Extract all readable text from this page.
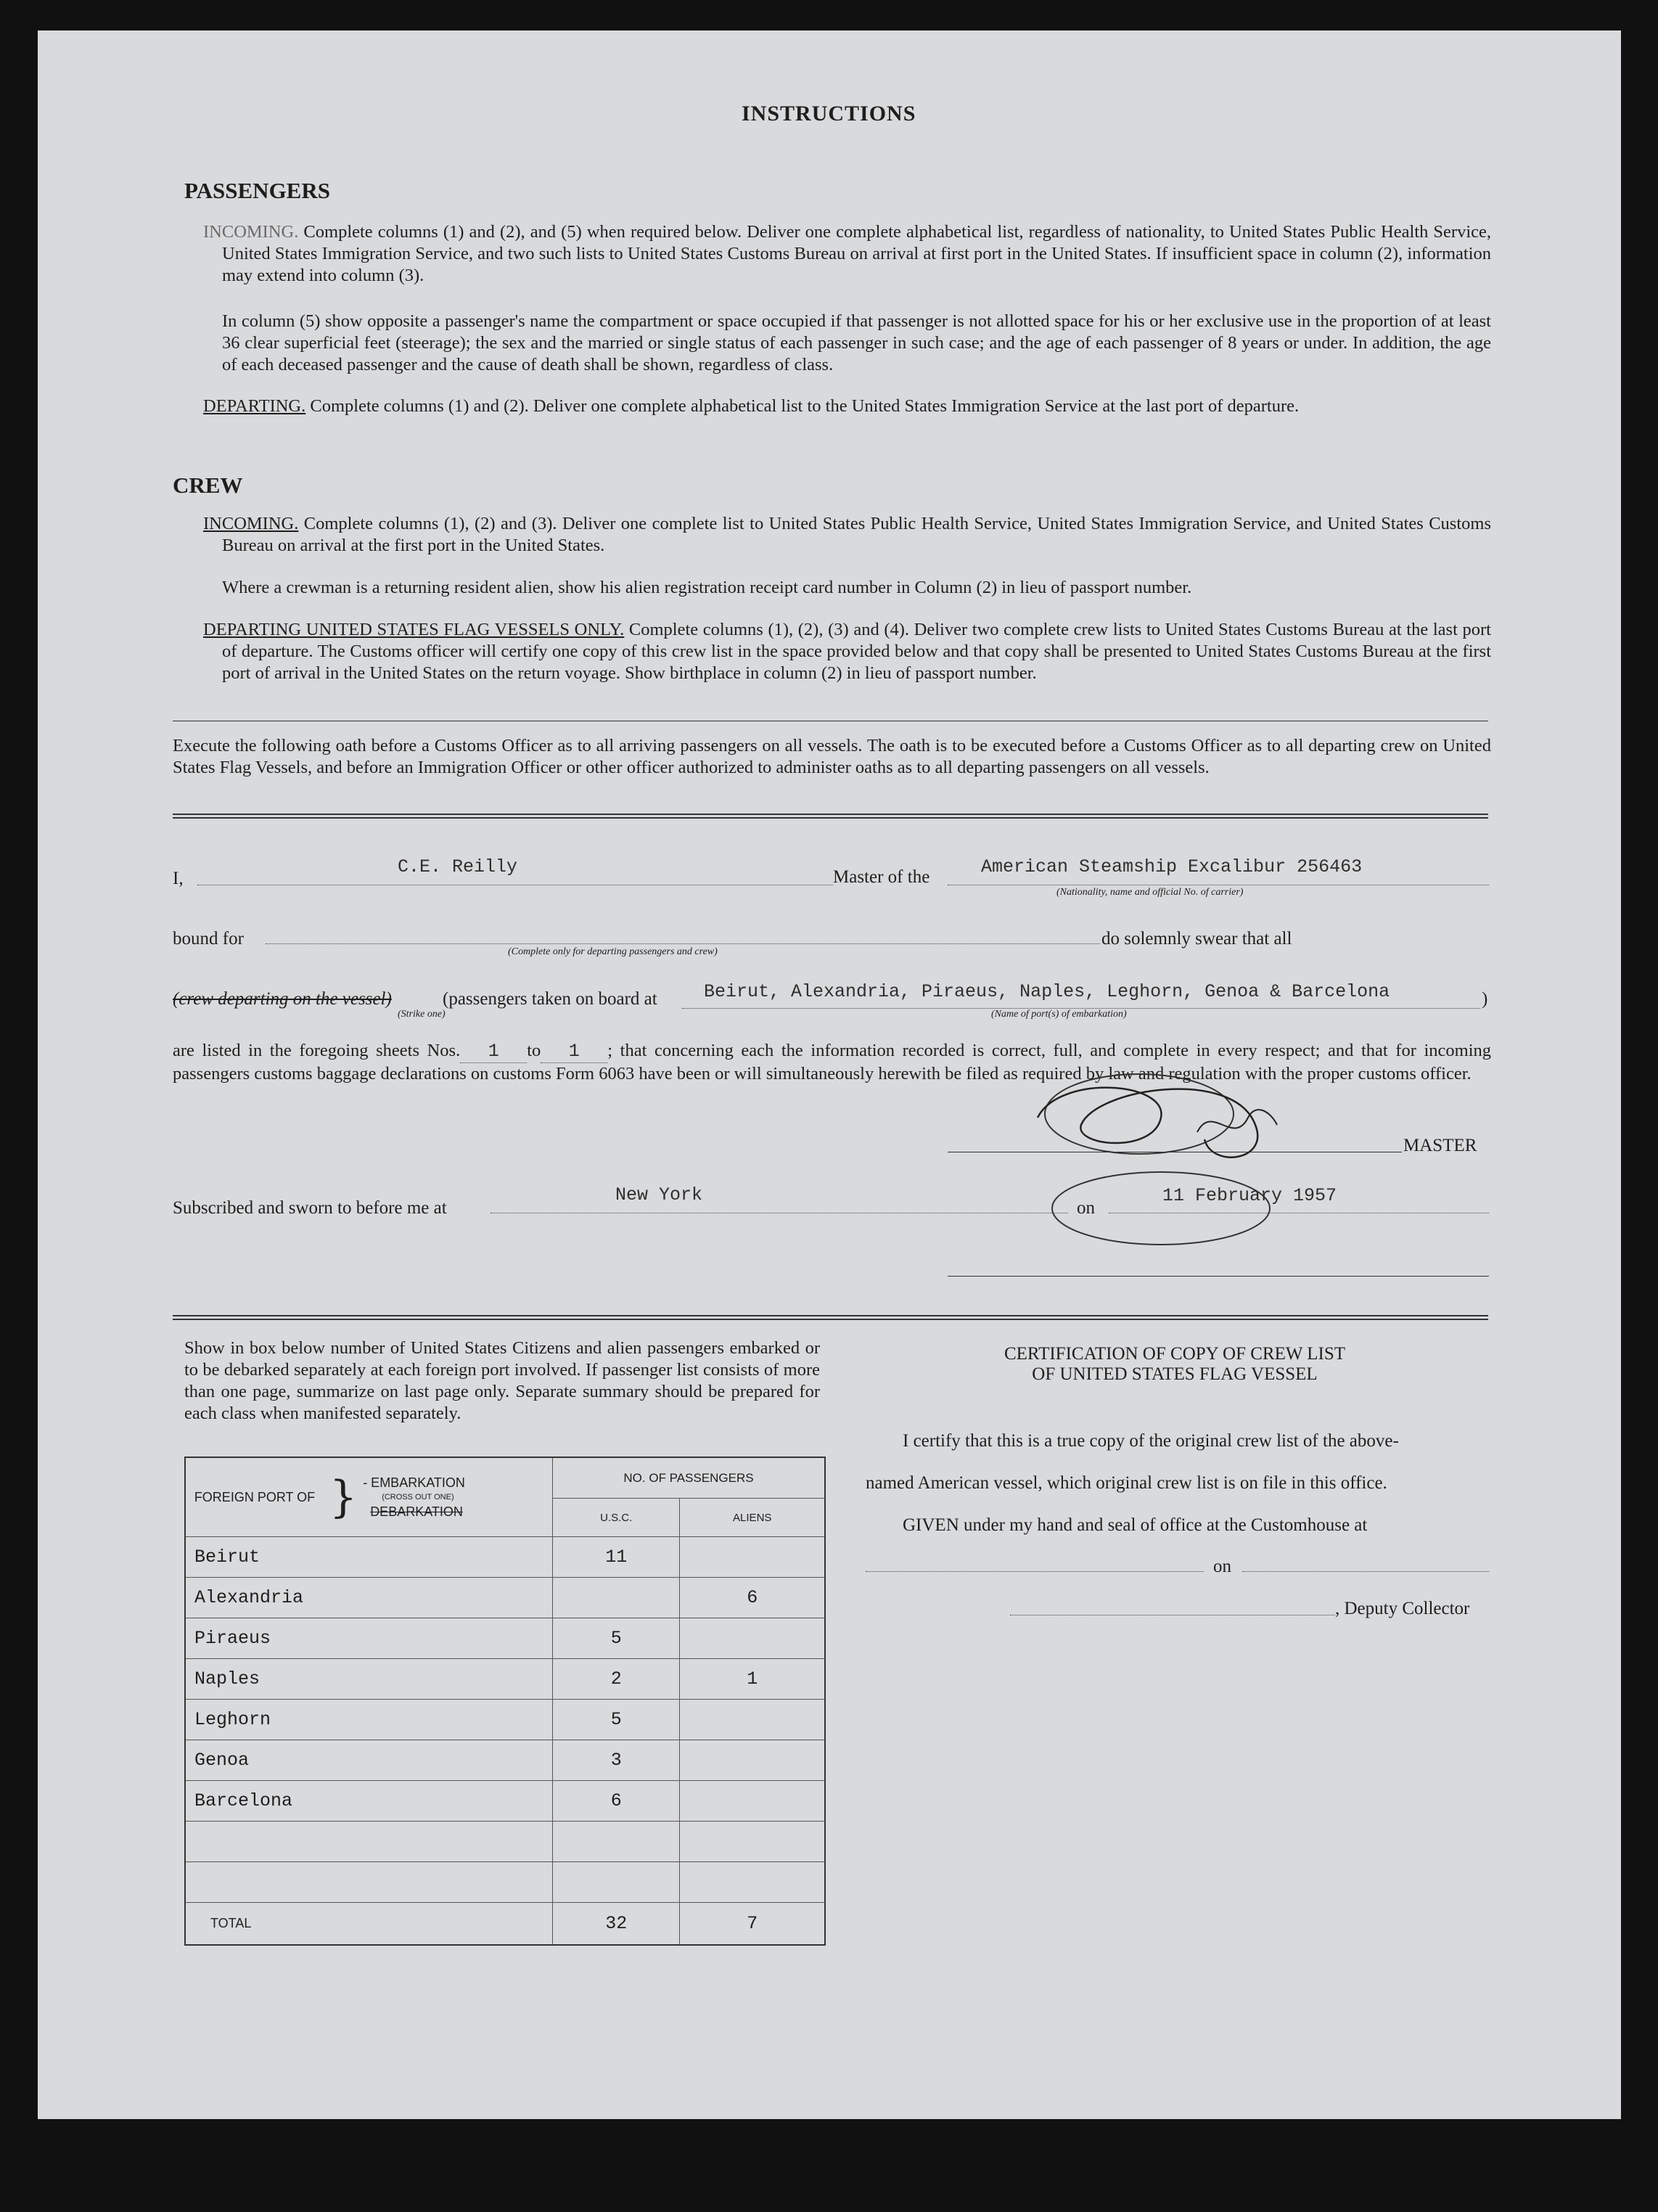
INSTRUCTIONS
PASSENGERS

INCOMING. Complete columns (1) and (2), and (5) when required below. Deliver one complete alphabetical list, regardless of nationality, to United States Public Health Service, United States Immigration Service, and two such lists to United States Customs Bureau on arrival at first port in the United States. If insufficient space in column (2), information may extend into column (3).

In column (5) show opposite a passenger's name the compartment or space occupied if that passenger is not allotted space for his or her exclusive use in the proportion of at least 36 clear superficial feet (steerage); the sex and the married or single status of each passenger in such case; and the age of each passenger of 8 years or under. In addition, the age of each deceased passenger and the cause of death shall be shown, regardless of class.

DEPARTING. Complete columns (1) and (2). Deliver one complete alphabetical list to the United States Immigration Service at the last port of departure.

CREW

INCOMING. Complete columns (1), (2) and (3). Deliver one complete list to United States Public Health Service, United States Immigration Service, and United States Customs Bureau on arrival at the first port in the United States.

Where a crewman is a returning resident alien, show his alien registration receipt card number in Column (2) in lieu of passport number.

DEPARTING UNITED STATES FLAG VESSELS ONLY. Complete columns (1), (2), (3) and (4). Deliver two complete crew lists to United States Customs Bureau at the last port of departure. The Customs officer will certify one copy of this crew list in the space provided below and that copy shall be presented to United States Customs Bureau at the first port of arrival in the United States on the return voyage. Show birthplace in column (2) in lieu of passport number.

Execute the following oath before a Customs Officer as to all arriving passengers on all vessels. The oath is to be executed before a Customs Officer as to all departing crew on United States Flag Vessels, and before an Immigration Officer or other officer authorized to administer oaths as to all departing passengers on all vessels.
I,
C.E. Reilly	Master of the	American Steamship Excalibur 256463
(Nationality, name and official No. of carrier)
bound for
(Complete only for departing passengers and crew)
do solemnly swear that all
(crew departing on the vessel)
(Strike one)
(passengers taken on board at	Beirut, Alexandria, Piraeus, Naples, Leghorn, Genoa & Barcelona
(Name of port(s) of embarkation)
)
are listed in the foregoing sheets Nos. 1 to 1 ; that concerning each the information recorded is correct, full, and complete in every respect; and that for incoming passengers customs baggage declarations on customs Form 6063 have been or will simultaneously herewith be filed as required by law and regulation with the proper customs officer.
MASTER
Subscribed and sworn to before me at
New York
on
11 February 1957
Show in box below number of United States Citizens and alien passengers embarked or to be debarked separately at each foreign port involved. If passenger list consists of more than one page, summarize on last page only. Separate summary should be prepared for each class when manifested separately.
FOREIGN PORT OF } - EMBARKATION
(CROSS OUT ONE)
DEBARKATION	NO. OF PASSENGERS	
	U.S.C.	ALIENS
Beirut	11	
Alexandria		6
Piraeus	5	
Naples	2	1
Leghorn	5	
Genoa	3	
Barcelona	6	

TOTAL	32	7
CERTIFICATION OF COPY OF CREW LIST
OF UNITED STATES FLAG VESSEL
I certify that this is a true copy of the original crew list of the above-
named American vessel, which original crew list is on file in this office.
GIVEN under my hand and seal of office at the Customhouse at
on
, Deputy Collector
